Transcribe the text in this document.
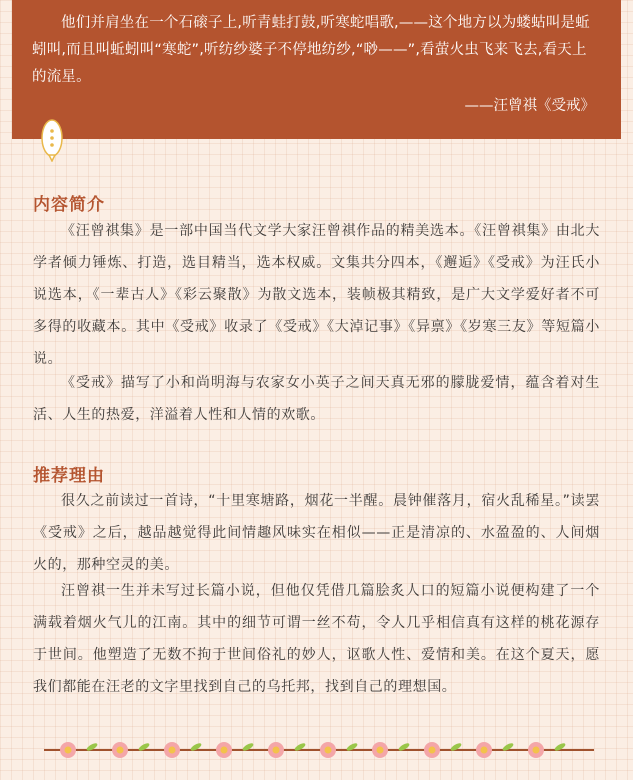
他们并肩坐在一个石磙子上,听青蛙打鼓,听寒蛇唱歌,——这个地方以为蝼蛄叫是蚯蚓叫,而且叫蚯蚓叫“寒蛇”,听纺纱婆子不停地纺纱,“唦——”,看萤火虫飞来飞去,看天上的流星。

——汪曾祺《受戒》
内容简介

《汪曾祺集》是一部中国当代文学大家汪曾祺作品的精美选本。《汪曾祺集》由北大学者倾力锤炼、打造，选目精当，选本权威。文集共分四本，《邂逅》《受戒》为汪氏小说选本，《一辈古人》《彩云聚散》为散文选本，装帧极其精致，是广大文学爱好者不可多得的收藏本。其中《受戒》收录了《受戒》《大淖记事》《异禀》《岁寒三友》等短篇小说。

《受戒》描写了小和尚明海与农家女小英子之间天真无邪的朦胧爱情，蕴含着对生活、人生的热爱，洋溢着人性和人情的欢歌。

推荐理由

很久之前读过一首诗，“十里寒塘路，烟花一半醒。晨钟催落月，宿火乱稀星。”读罢《受戒》之后，越品越觉得此间情趣风味实在相似——正是清凉的、水盈盈的、人间烟火的，那种空灵的美。

汪曾祺一生并未写过长篇小说，但他仅凭借几篇脍炙人口的短篇小说便构建了一个满载着烟火气儿的江南。其中的细节可谓一丝不苟，令人几乎相信真有这样的桃花源存于世间。他塑造了无数不拘于世间俗礼的妙人，讴歌人性、爱情和美。在这个夏天，愿我们都能在汪老的文字里找到自己的乌托邦，找到自己的理想国。
